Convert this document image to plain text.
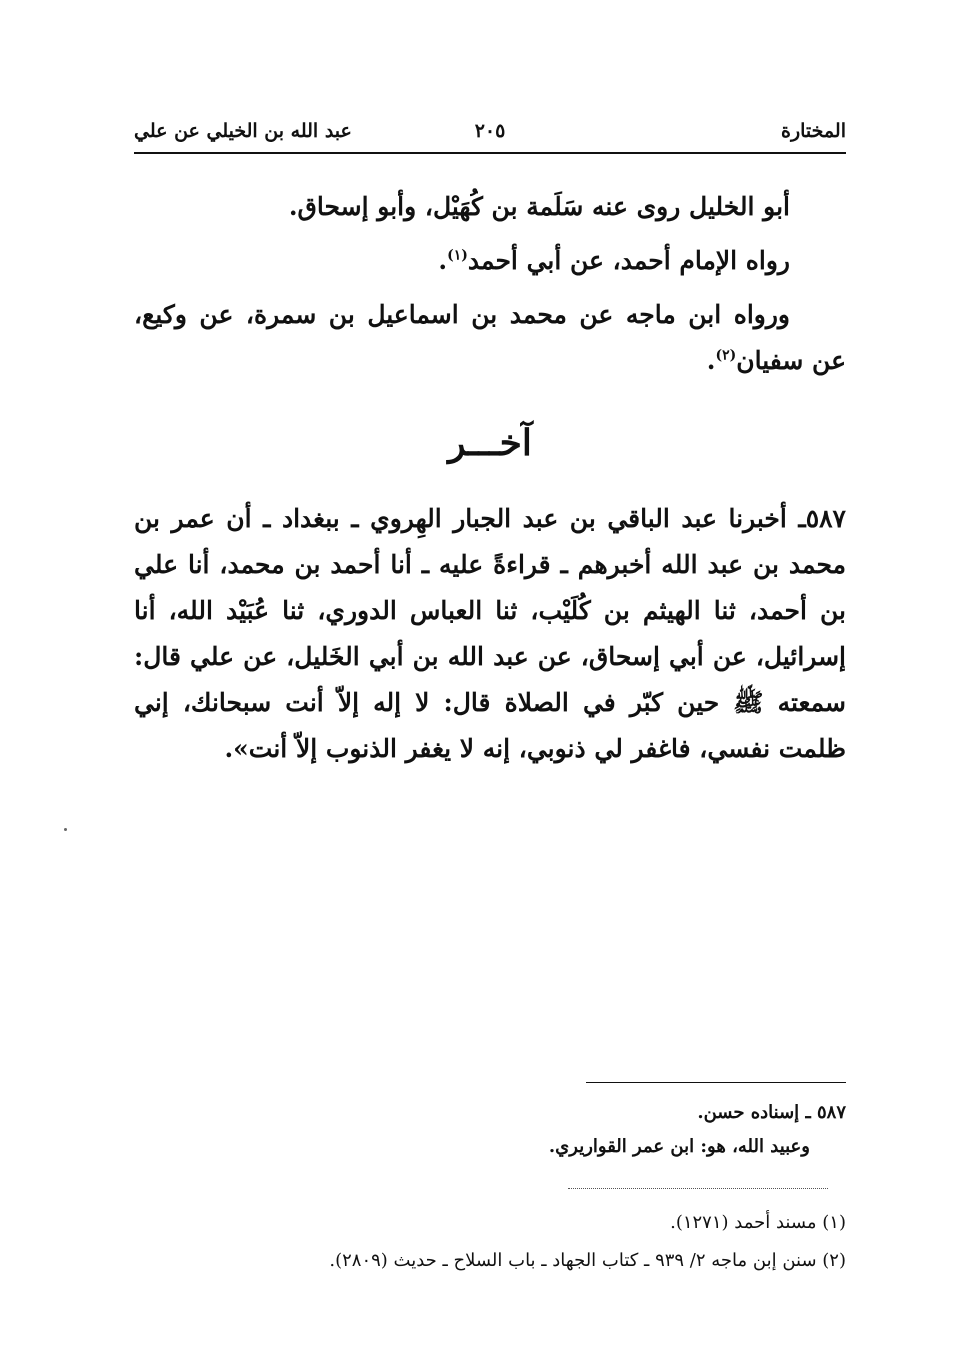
المختارة
٢٠٥
عبد الله بن الخيلي عن علي

أبو الخليل روى عنه سَلَمة بن كُهَيْل، وأبو إسحاق.

رواه الإمام أحمد، عن أبي أحمد$^{(١)}$.

ورواه ابن ماجه عن محمد بن اسماعيل بن سمرة، عن وكيع، عن سفيان$^{(٢)}$.

آخـــر

٥٨٧ـ أخبرنا عبد الباقي بن عبد الجبار الهِروي ـ ببغداد ـ أن عمر بن محمد بن عبد الله أخبرهم ـ قراءةً عليه ـ أنا أحمد بن محمد، أنا علي بن أحمد، ثنا الهيثم بن كُلَيْب، ثنا العباس الدوري، ثنا عُبَيْد الله، أنا إسرائيل، عن أبي إسحاق، عن عبد الله بن أبي الخَليل، عن علي قال: سمعته ﷺ حين كبّر في الصلاة قال: لا إله إلاّ أنت سبحانك، إني ظلمت نفسي، فاغفر لي ذنوبي، إنه لا يغفر الذنوب إلاّ أنت».

٥٨٧ ـ إسناده حسن.

وعبيد الله، هو: ابن عمر القواريري.

(١) مسند أحمد (١٢٧١).

(٢) سنن إبن ماجه ٢/ ٩٣٩ ـ كتاب الجهاد ـ باب السلاح ـ حديث (٢٨٠٩).
